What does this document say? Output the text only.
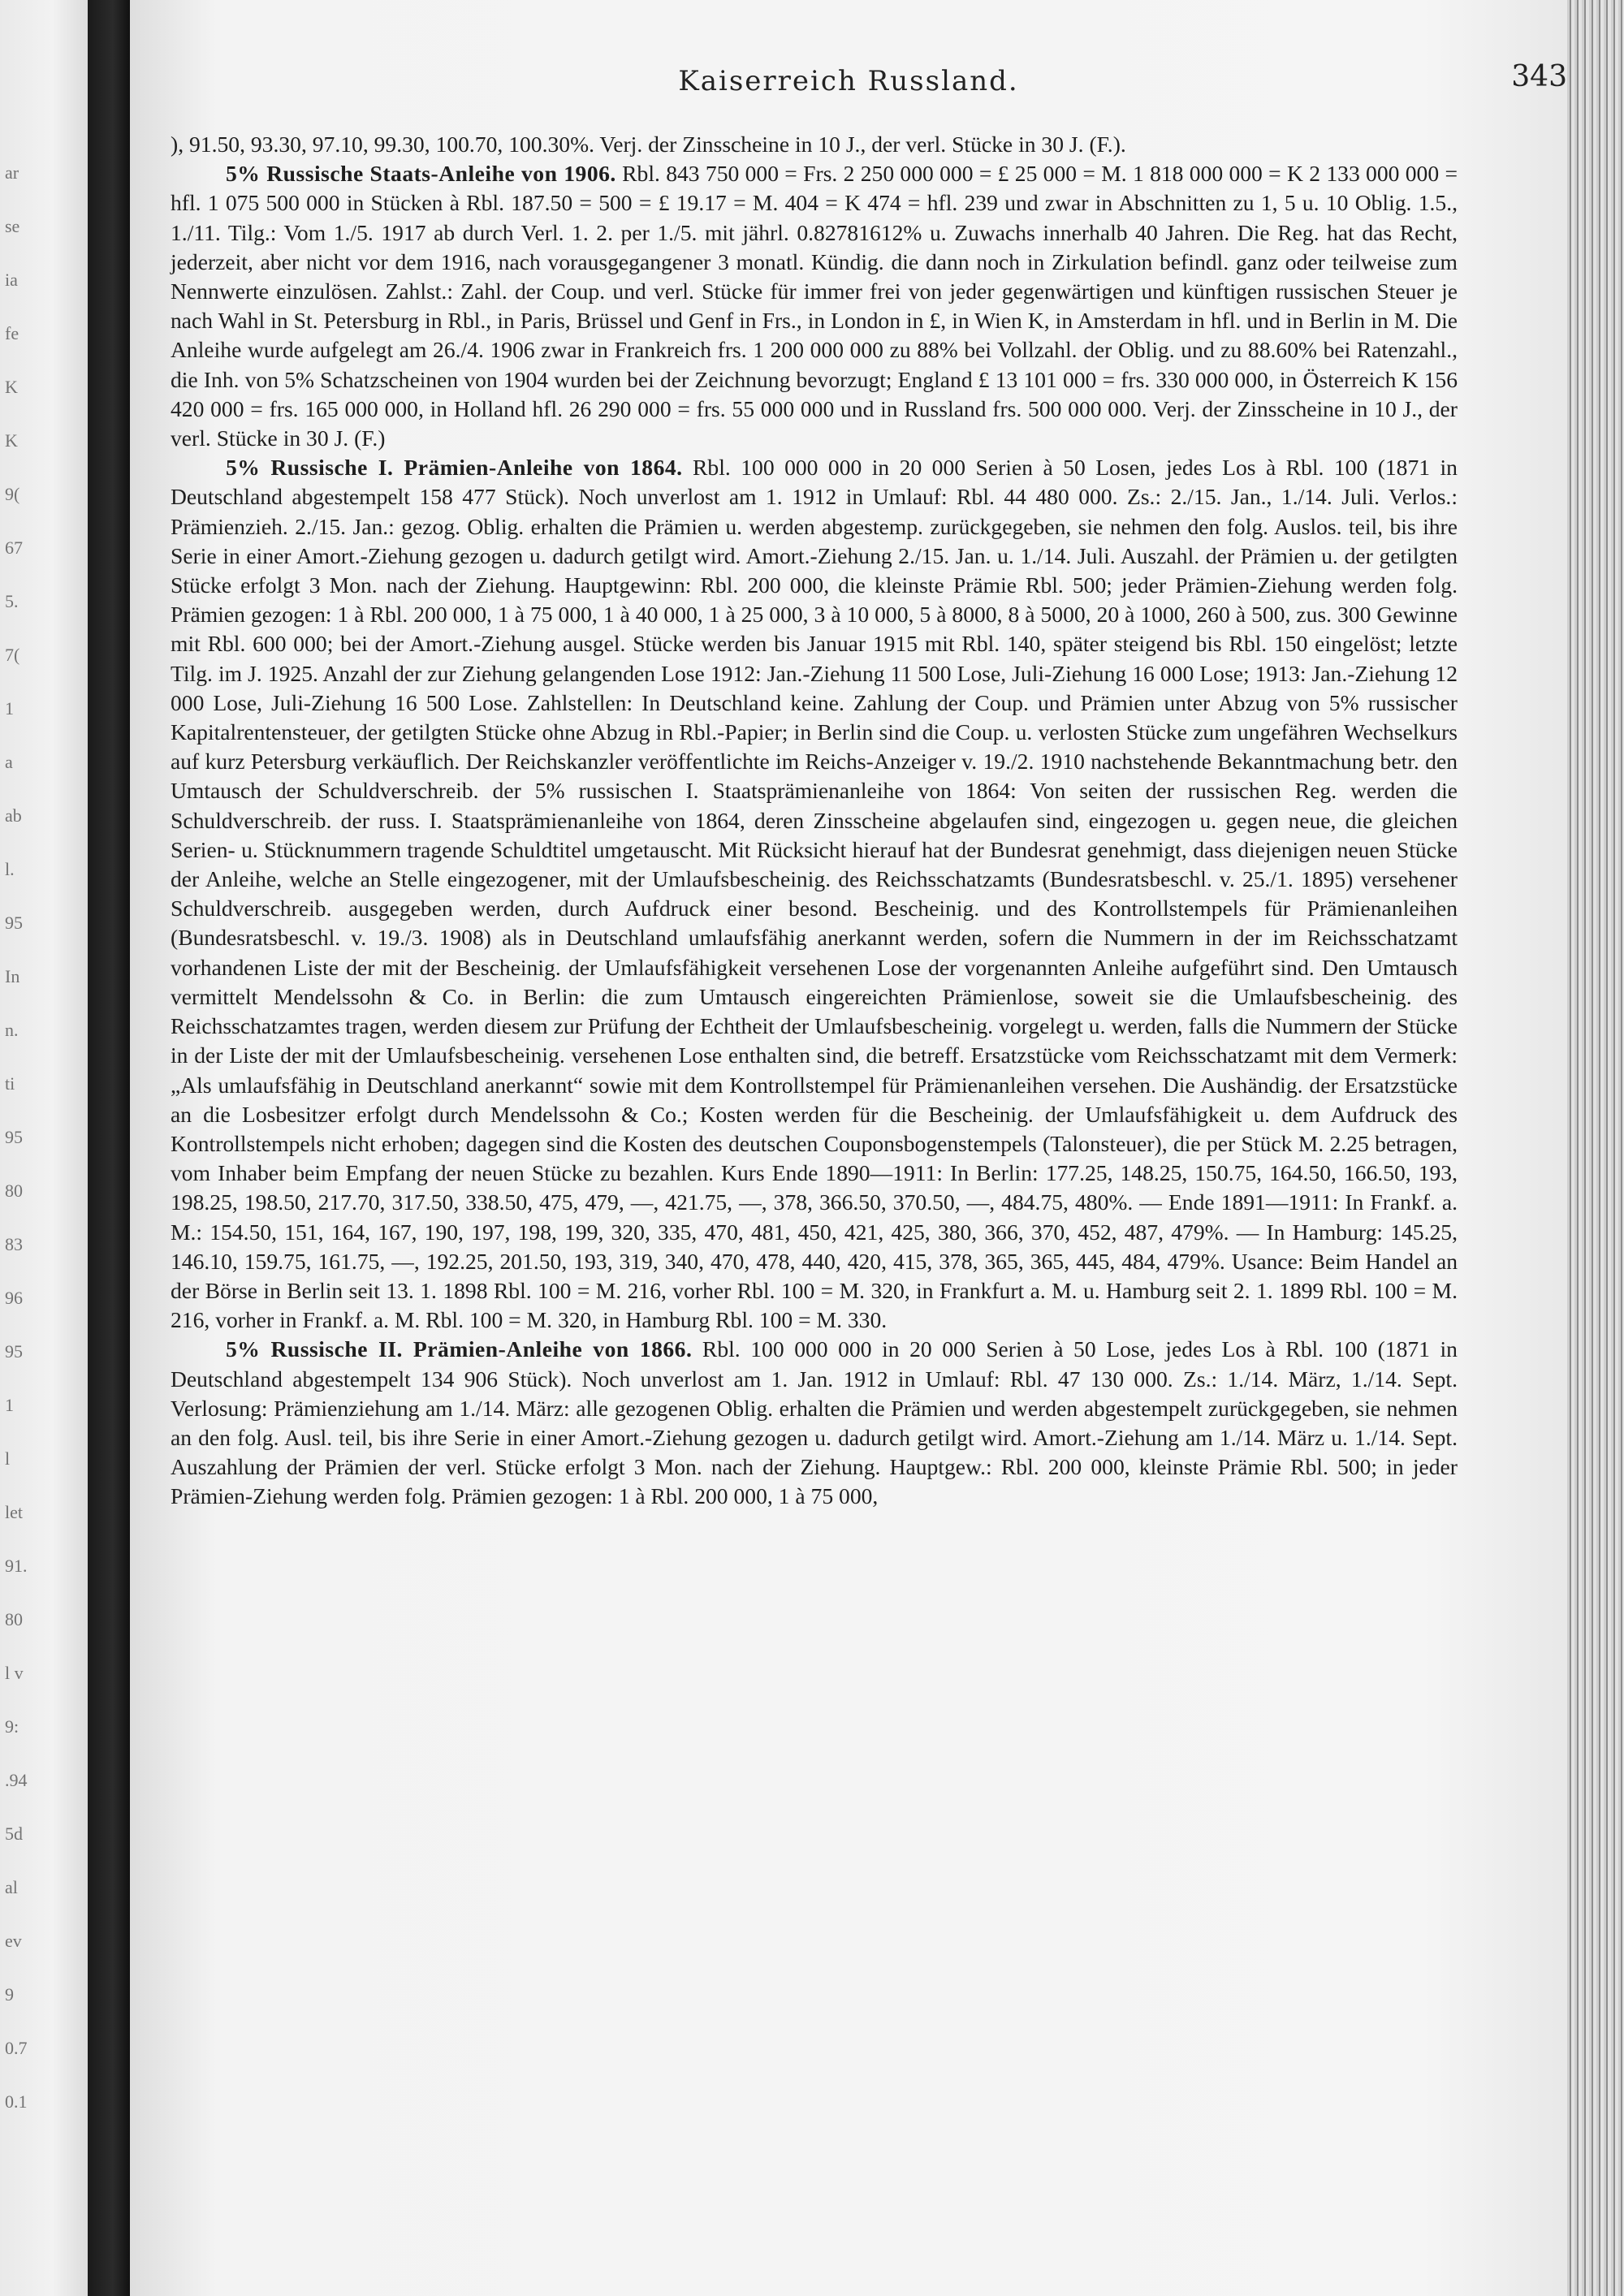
ar
se
ia
fe
K
K
9(
67
5.
7(
1
a
ab
l.
95
In
n.
ti
95
80
83
96
95
1
l
let
91.
80
l v
9:
.94
5d
al
ev
9
0.7
0.1
Kaiserreich Russland.	343

), 91.50, 93.30, 97.10, 99.30, 100.70, 100.30%. Verj. der Zinsscheine in 10 J., der verl. Stücke in 30 J. (F.).

5% Russische Staats-Anleihe von 1906. Rbl. 843 750 000 = Frs. 2 250 000 000 = £ 25 000 = M. 1 818 000 000 = K 2 133 000 000 = hfl. 1 075 500 000 in Stücken à Rbl. 187.50 = 500 = £ 19.17 = M. 404 = K 474 = hfl. 239 und zwar in Abschnitten zu 1, 5 u. 10 Oblig. 1.5., 1./11. Tilg.: Vom 1./5. 1917 ab durch Verl. 1. 2. per 1./5. mit jährl. 0.82781612% u. Zuwachs innerhalb 40 Jahren. Die Reg. hat das Recht, jederzeit, aber nicht vor dem 1916, nach vorausgegangener 3 monatl. Kündig. die dann noch in Zirkulation befindl. ganz oder teilweise zum Nennwerte einzulösen. Zahlst.: Zahl. der Coup. und verl. Stücke für immer frei von jeder gegenwärtigen und künftigen russischen Steuer je nach Wahl in St. Petersburg in Rbl., in Paris, Brüssel und Genf in Frs., in London in £, in Wien K, in Amsterdam in hfl. und in Berlin in M. Die Anleihe wurde aufgelegt am 26./4. 1906 zwar in Frankreich frs. 1 200 000 000 zu 88% bei Vollzahl. der Oblig. und zu 88.60% bei Ratenzahl., die Inh. von 5% Schatzscheinen von 1904 wurden bei der Zeichnung bevorzugt; England £ 13 101 000 = frs. 330 000 000, in Österreich K 156 420 000 = frs. 165 000 000, in Holland hfl. 26 290 000 = frs. 55 000 000 und in Russland frs. 500 000 000. Verj. der Zinsscheine in 10 J., der verl. Stücke in 30 J. (F.)

5% Russische I. Prämien-Anleihe von 1864. Rbl. 100 000 000 in 20 000 Serien à 50 Losen, jedes Los à Rbl. 100 (1871 in Deutschland abgestempelt 158 477 Stück). Noch unverlost am 1. 1912 in Umlauf: Rbl. 44 480 000. Zs.: 2./15. Jan., 1./14. Juli. Verlos.: Prämienzieh. 2./15. Jan.: gezog. Oblig. erhalten die Prämien u. werden abgestemp. zurückgegeben, sie nehmen den folg. Auslos. teil, bis ihre Serie in einer Amort.-Ziehung gezogen u. dadurch getilgt wird. Amort.-Ziehung 2./15. Jan. u. 1./14. Juli. Auszahl. der Prämien u. der getilgten Stücke erfolgt 3 Mon. nach der Ziehung. Hauptgewinn: Rbl. 200 000, die kleinste Prämie Rbl. 500; jeder Prämien-Ziehung werden folg. Prämien gezogen: 1 à Rbl. 200 000, 1 à 75 000, 1 à 40 000, 1 à 25 000, 3 à 10 000, 5 à 8000, 8 à 5000, 20 à 1000, 260 à 500, zus. 300 Gewinne mit Rbl. 600 000; bei der Amort.-Ziehung ausgel. Stücke werden bis Januar 1915 mit Rbl. 140, später steigend bis Rbl. 150 eingelöst; letzte Tilg. im J. 1925. Anzahl der zur Ziehung gelangenden Lose 1912: Jan.-Ziehung 11 500 Lose, Juli-Ziehung 16 000 Lose; 1913: Jan.-Ziehung 12 000 Lose, Juli-Ziehung 16 500 Lose. Zahlstellen: In Deutschland keine. Zahlung der Coup. und Prämien unter Abzug von 5% russischer Kapitalrentensteuer, der getilgten Stücke ohne Abzug in Rbl.-Papier; in Berlin sind die Coup. u. verlosten Stücke zum ungefähren Wechselkurs auf kurz Petersburg verkäuflich. Der Reichskanzler veröffentlichte im Reichs-Anzeiger v. 19./2. 1910 nachstehende Bekanntmachung betr. den Umtausch der Schuldverschreib. der 5% russischen I. Staatsprämienanleihe von 1864: Von seiten der russischen Reg. werden die Schuldverschreib. der russ. I. Staatsprämienanleihe von 1864, deren Zinsscheine abgelaufen sind, eingezogen u. gegen neue, die gleichen Serien- u. Stücknummern tragende Schuldtitel umgetauscht. Mit Rücksicht hierauf hat der Bundesrat genehmigt, dass diejenigen neuen Stücke der Anleihe, welche an Stelle eingezogener, mit der Umlaufsbescheinig. des Reichsschatzamts (Bundesratsbeschl. v. 25./1. 1895) versehener Schuldverschreib. ausgegeben werden, durch Aufdruck einer besond. Bescheinig. und des Kontrollstempels für Prämienanleihen (Bundesratsbeschl. v. 19./3. 1908) als in Deutschland umlaufsfähig anerkannt werden, sofern die Nummern in der im Reichsschatzamt vorhandenen Liste der mit der Bescheinig. der Umlaufsfähigkeit versehenen Lose der vorgenannten Anleihe aufgeführt sind. Den Umtausch vermittelt Mendelssohn & Co. in Berlin: die zum Umtausch eingereichten Prämienlose, soweit sie die Umlaufsbescheinig. des Reichsschatzamtes tragen, werden diesem zur Prüfung der Echtheit der Umlaufsbescheinig. vorgelegt u. werden, falls die Nummern der Stücke in der Liste der mit der Umlaufsbescheinig. versehenen Lose enthalten sind, die betreff. Ersatzstücke vom Reichsschatzamt mit dem Vermerk: „Als umlaufsfähig in Deutschland anerkannt“ sowie mit dem Kontrollstempel für Prämienanleihen versehen. Die Aushändig. der Ersatzstücke an die Losbesitzer erfolgt durch Mendelssohn & Co.; Kosten werden für die Bescheinig. der Umlaufsfähigkeit u. dem Aufdruck des Kontrollstempels nicht erhoben; dagegen sind die Kosten des deutschen Couponsbogenstempels (Talonsteuer), die per Stück M. 2.25 betragen, vom Inhaber beim Empfang der neuen Stücke zu bezahlen. Kurs Ende 1890—1911: In Berlin: 177.25, 148.25, 150.75, 164.50, 166.50, 193, 198.25, 198.50, 217.70, 317.50, 338.50, 475, 479, —, 421.75, —, 378, 366.50, 370.50, —, 484.75, 480%. — Ende 1891—1911: In Frankf. a. M.: 154.50, 151, 164, 167, 190, 197, 198, 199, 320, 335, 470, 481, 450, 421, 425, 380, 366, 370, 452, 487, 479%. — In Hamburg: 145.25, 146.10, 159.75, 161.75, —, 192.25, 201.50, 193, 319, 340, 470, 478, 440, 420, 415, 378, 365, 365, 445, 484, 479%. Usance: Beim Handel an der Börse in Berlin seit 13. 1. 1898 Rbl. 100 = M. 216, vorher Rbl. 100 = M. 320, in Frankfurt a. M. u. Hamburg seit 2. 1. 1899 Rbl. 100 = M. 216, vorher in Frankf. a. M. Rbl. 100 = M. 320, in Hamburg Rbl. 100 = M. 330.

5% Russische II. Prämien-Anleihe von 1866. Rbl. 100 000 000 in 20 000 Serien à 50 Lose, jedes Los à Rbl. 100 (1871 in Deutschland abgestempelt 134 906 Stück). Noch unverlost am 1. Jan. 1912 in Umlauf: Rbl. 47 130 000. Zs.: 1./14. März, 1./14. Sept. Verlosung: Prämienziehung am 1./14. März: alle gezogenen Oblig. erhalten die Prämien und werden abgestempelt zurückgegeben, sie nehmen an den folg. Ausl. teil, bis ihre Serie in einer Amort.-Ziehung gezogen u. dadurch getilgt wird. Amort.-Ziehung am 1./14. März u. 1./14. Sept. Auszahlung der Prämien der verl. Stücke erfolgt 3 Mon. nach der Ziehung. Hauptgew.: Rbl. 200 000, kleinste Prämie Rbl. 500; in jeder Prämien-Ziehung werden folg. Prämien gezogen: 1 à Rbl. 200 000, 1 à 75 000,
